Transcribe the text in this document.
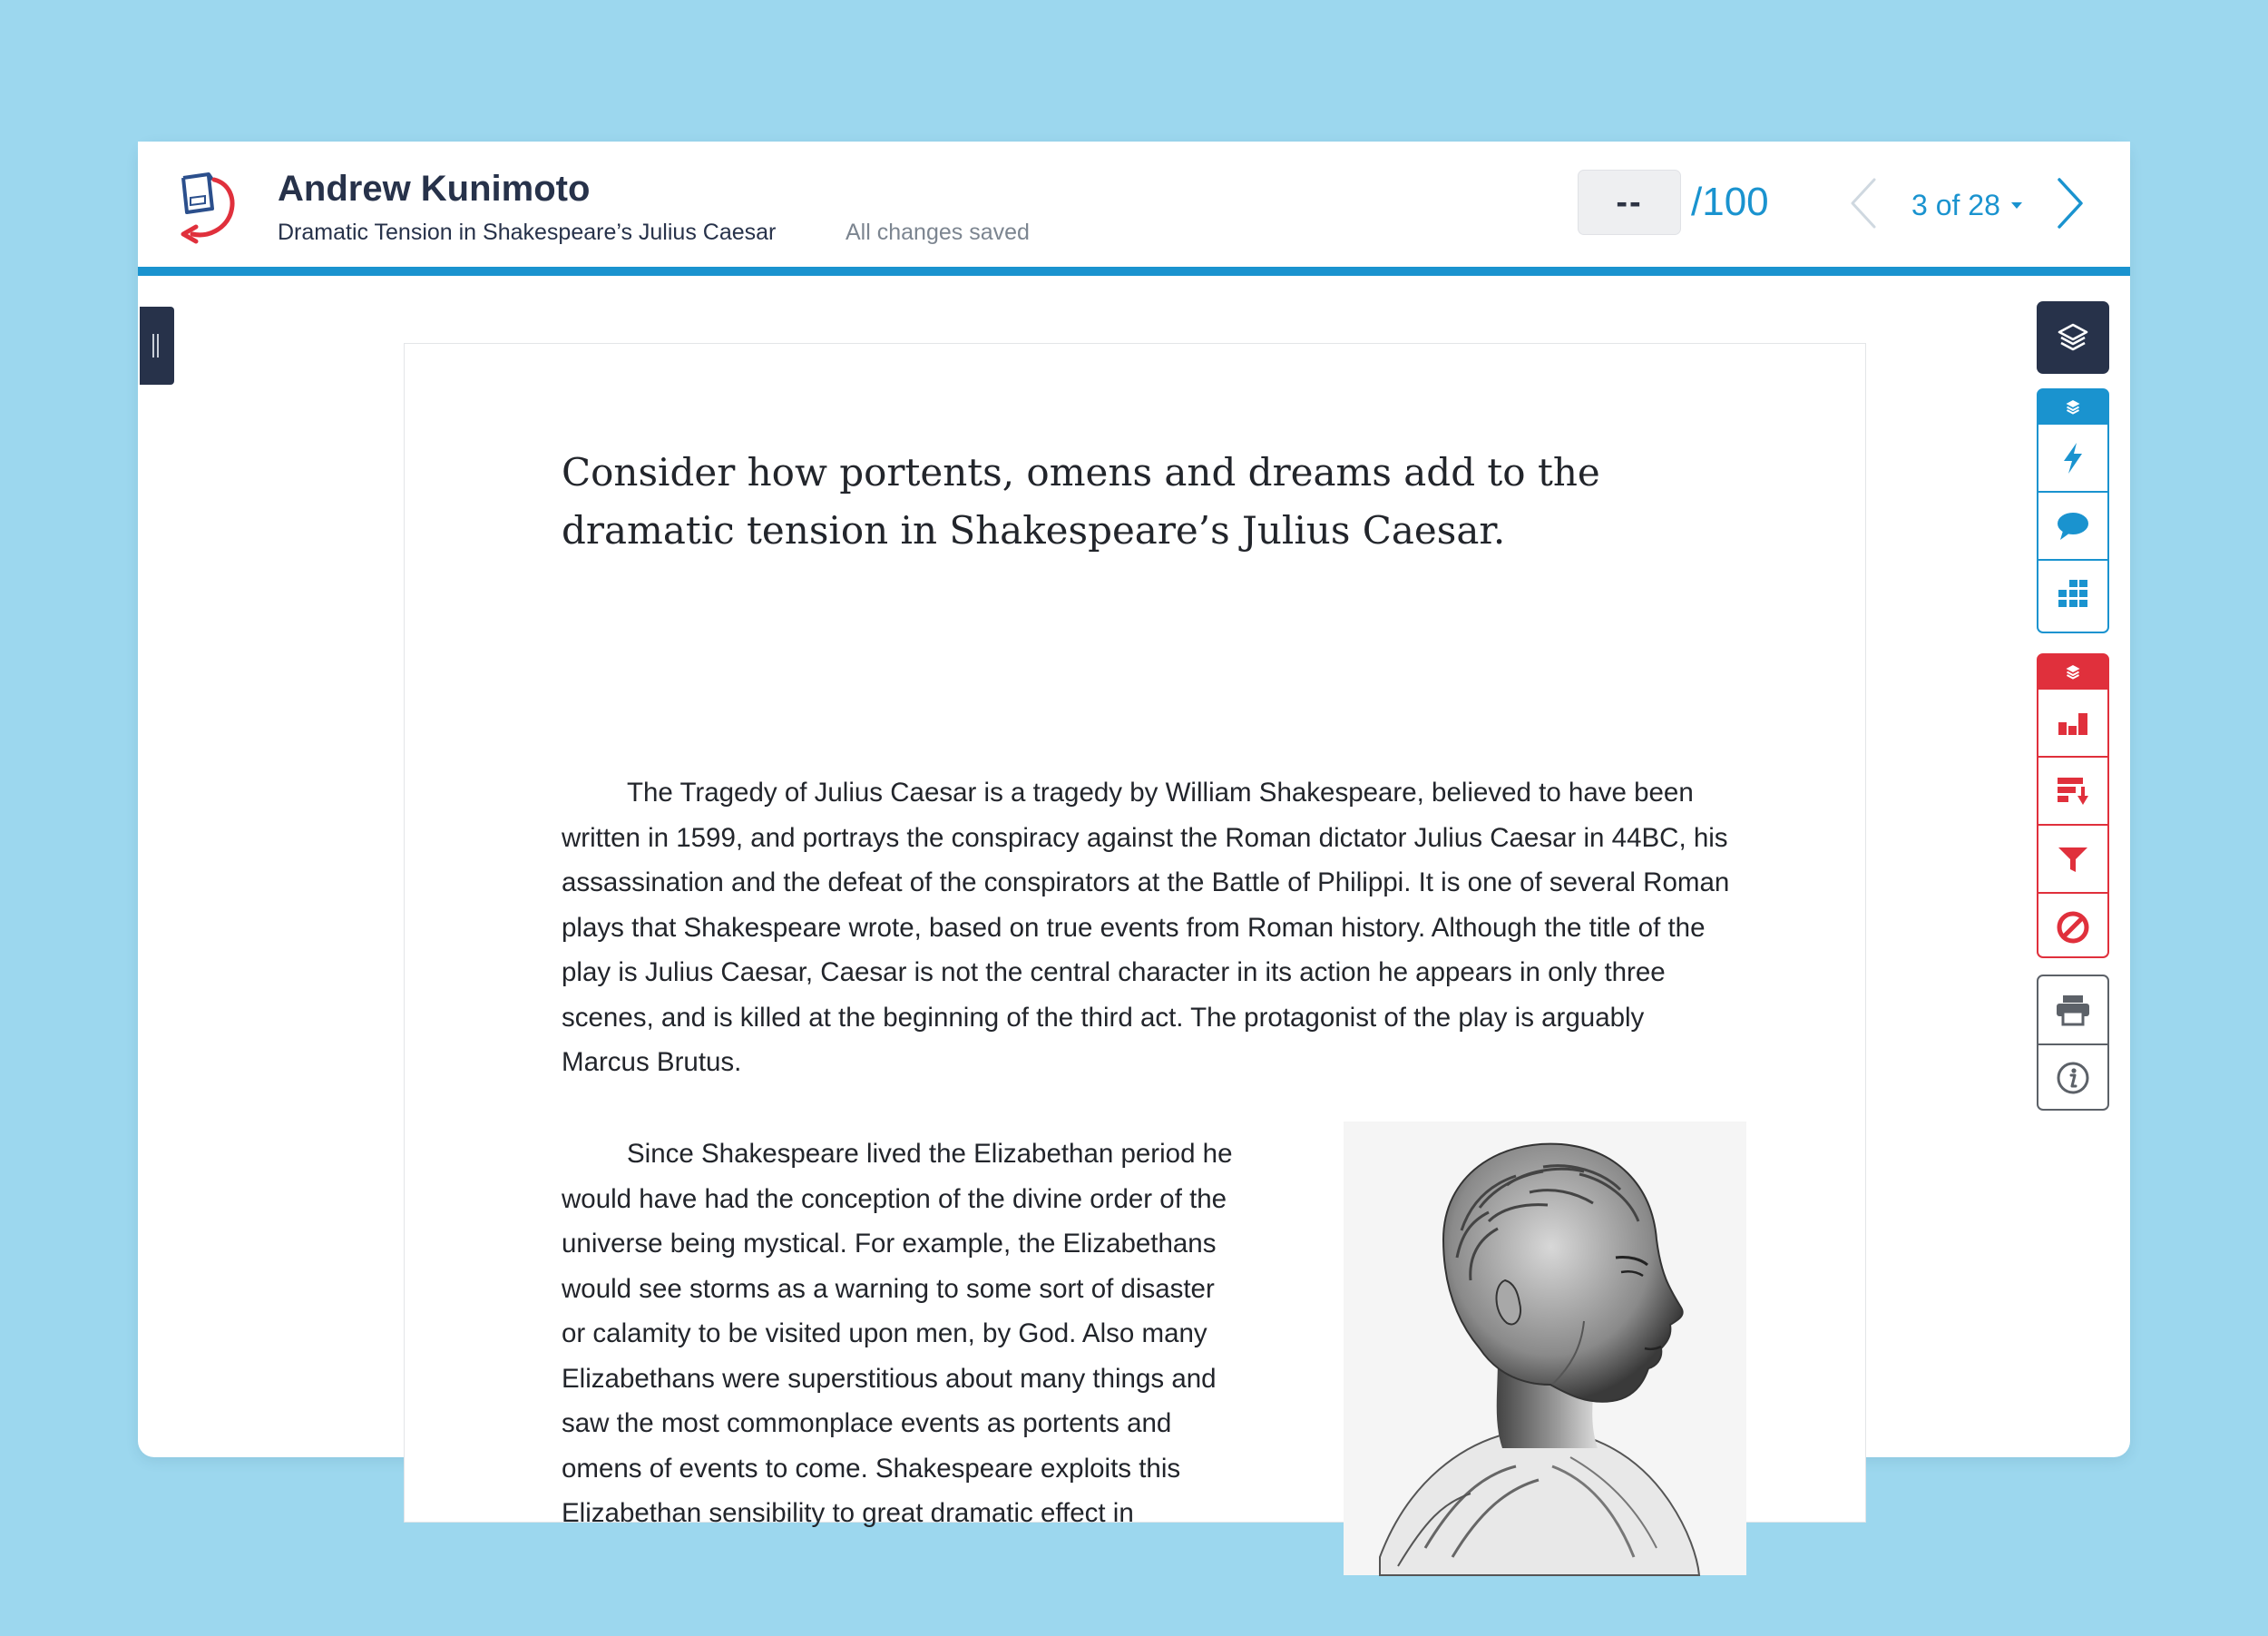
Andrew Kunimoto
Dramatic Tension in Shakespeare’s Julius Caesar	All changes saved
--	/100	3 of 28
Consider how portents, omens and dreams add to the dramatic tension in Shakespeare’s Julius Caesar.

The Tragedy of Julius Caesar is a tragedy by William Shakespeare, believed to have been written in 1599, and portrays the conspiracy against the Roman dictator Julius Caesar in 44BC, his assassination and the defeat of the conspirators at the Battle of Philippi. It is one of several Roman plays that Shakespeare wrote, based on true events from Roman history. Although the title of the play is Julius Caesar, Caesar is not the central character in its action he appears in only three scenes, and is killed at the beginning of the third act. The protagonist of the play is arguably Marcus Brutus.

Since Shakespeare lived the Elizabethan period he would have had the conception of the divine order of the universe being mystical. For example, the Elizabethans would see storms as a warning to some sort of disaster or calamity to be visited upon men, by God. Also many Elizabethans were superstitious about many things and saw the most commonplace events as portents and omens of events to come. Shakespeare exploits this Elizabethan sensibility to great dramatic effect in
